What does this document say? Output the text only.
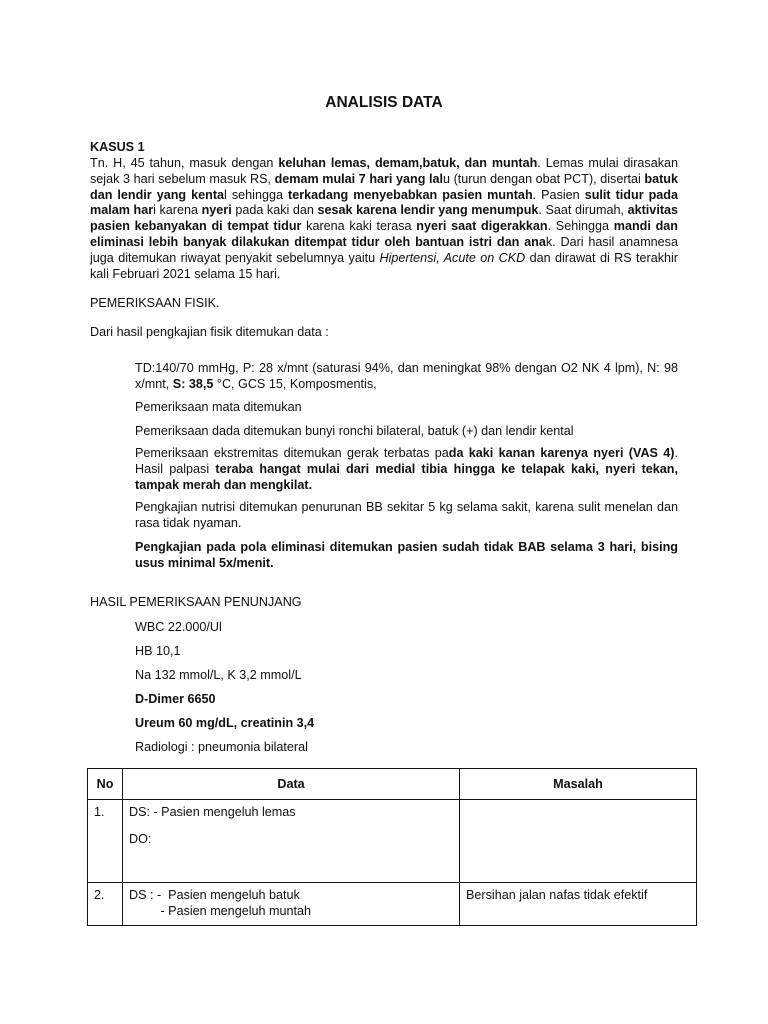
ANALISIS DATA
KASUS 1
Tn. H, 45 tahun, masuk dengan keluhan lemas, demam,batuk, dan muntah. Lemas mulai dirasakan sejak 3 hari sebelum masuk RS, demam mulai 7 hari yang lalu (turun dengan obat PCT), disertai batuk dan lendir yang kental sehingga terkadang menyebabkan pasien muntah. Pasien sulit tidur pada malam hari karena nyeri pada kaki dan sesak karena lendir yang menumpuk. Saat dirumah, aktivitas pasien kebanyakan di tempat tidur karena kaki terasa nyeri saat digerakkan. Sehingga mandi dan eliminasi lebih banyak dilakukan ditempat tidur oleh bantuan istri dan anak. Dari hasil anamnesa juga ditemukan riwayat penyakit sebelumnya yaitu Hipertensi, Acute on CKD dan dirawat di RS terakhir kali Februari 2021 selama 15 hari.
PEMERIKSAAN FISIK.
Dari hasil pengkajian fisik ditemukan data :
TD:140/70 mmHg, P: 28 x/mnt (saturasi 94%, dan meningkat 98% dengan O2 NK 4 lpm), N: 98 x/mnt, S: 38,5 °C, GCS 15, Komposmentis,
Pemeriksaan mata ditemukan
Pemeriksaan dada ditemukan bunyi ronchi bilateral, batuk (+) dan lendir kental
Pemeriksaan ekstremitas ditemukan gerak terbatas pada kaki kanan karenya nyeri (VAS 4). Hasil palpasi teraba hangat mulai dari medial tibia hingga ke telapak kaki, nyeri tekan, tampak merah dan mengkilat.
Pengkajian nutrisi ditemukan penurunan BB sekitar 5 kg selama sakit, karena sulit menelan dan rasa tidak nyaman.
Pengkajian pada pola eliminasi ditemukan pasien sudah tidak BAB selama 3 hari, bising usus minimal 5x/menit.
HASIL PEMERIKSAAN PENUNJANG
WBC 22.000/Ul
HB 10,1
Na 132 mmol/L, K 3,2 mmol/L
D-Dimer 6650
Ureum 60 mg/dL, creatinin 3,4
Radiologi : pneumonia bilateral
No	Data	Masalah
1.	DS: - Pasien mengeluh lemas
DO:	

2.	DS : -  Pasien mengeluh batuk
- Pasien mengeluh muntah	Bersihan jalan nafas tidak efektif
